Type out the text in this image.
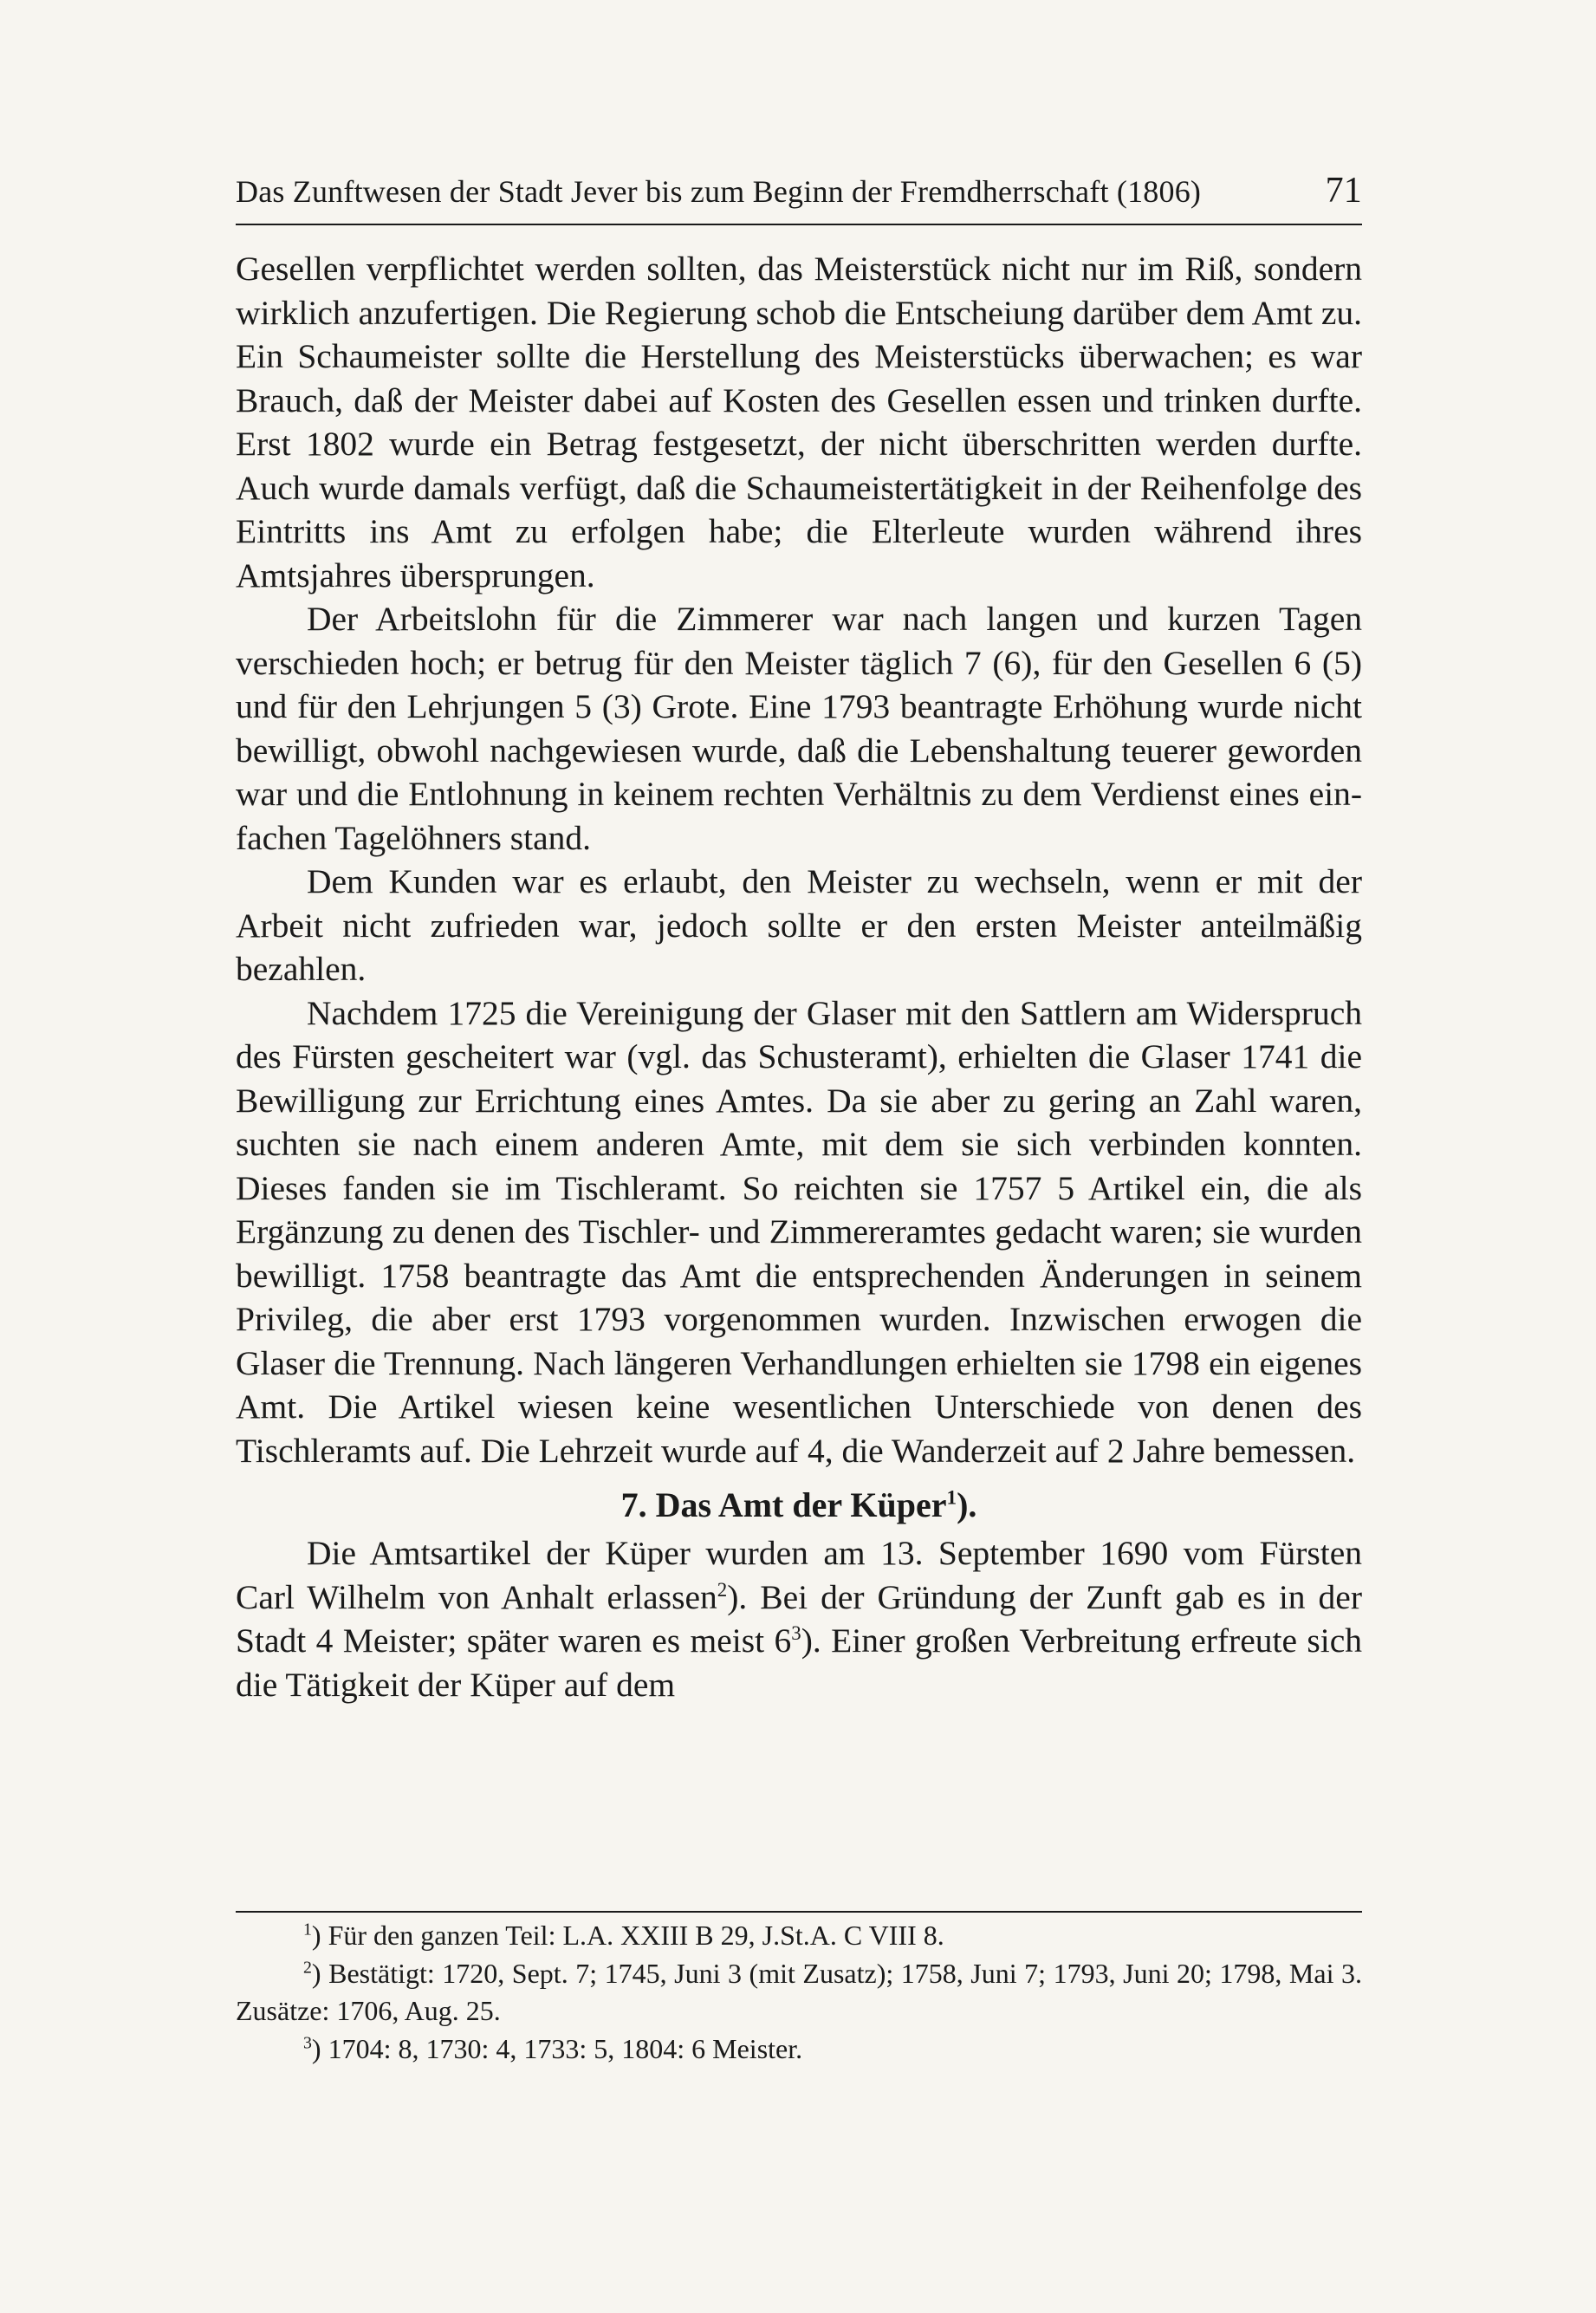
Das Zunftwesen der Stadt Jever bis zum Beginn der Fremdherrschaft (1806)	71

Gesellen verpflichtet werden sollten, das Meisterstück nicht nur im Riß, sondern wirklich anzufertigen. Die Regierung schob die Entscheiung darüber dem Amt zu. Ein Schaumeister sollte die Herstellung des Meisterstücks überwachen; es war Brauch, daß der Meister dabei auf Kosten des Gesellen essen und trinken durfte. Erst 1802 wurde ein Betrag festgesetzt, der nicht überschritten werden durfte. Auch wurde damals verfügt, daß die Schaumeistertätigkeit in der Reihenfolge des Eintritts ins Amt zu erfolgen habe; die Elterleute wurden während ihres Amtsjahres übersprungen.

Der Arbeitslohn für die Zimmerer war nach langen und kurzen Tagen verschieden hoch; er betrug für den Meister täglich 7 (6), für den Gesellen 6 (5) und für den Lehrjungen 5 (3) Grote. Eine 1793 beantragte Erhöhung wurde nicht bewilligt, obwohl nachgewiesen wurde, daß die Lebenshaltung teuerer geworden war und die Entlohnung in keinem rechten Verhältnis zu dem Verdienst eines einfachen Tagelöhners stand.

Dem Kunden war es erlaubt, den Meister zu wechseln, wenn er mit der Arbeit nicht zufrieden war, jedoch sollte er den ersten Meister anteilmäßig bezahlen.

Nachdem 1725 die Vereinigung der Glaser mit den Sattlern am Widerspruch des Fürsten gescheitert war (vgl. das Schusteramt), erhielten die Glaser 1741 die Bewilligung zur Errichtung eines Amtes. Da sie aber zu gering an Zahl waren, suchten sie nach einem anderen Amte, mit dem sie sich verbinden konnten. Dieses fanden sie im Tischleramt. So reichten sie 1757 5 Artikel ein, die als Ergänzung zu denen des Tischler- und Zimmereramtes gedacht waren; sie wurden bewilligt. 1758 beantragte das Amt die entsprechenden Änderungen in seinem Privileg, die aber erst 1793 vorgenommen wurden. Inzwischen erwogen die Glaser die Trennung. Nach längeren Verhandlungen erhielten sie 1798 ein eigenes Amt. Die Artikel wiesen keine wesentlichen Unterschiede von denen des Tischleramts auf. Die Lehrzeit wurde auf 4, die Wanderzeit auf 2 Jahre bemessen.

7. Das Amt der Küper$^1$).

Die Amtsartikel der Küper wurden am 13. September 1690 vom Fürsten Carl Wilhelm von Anhalt erlassen$^2$). Bei der Gründung der Zunft gab es in der Stadt 4 Meister; später waren es meist 6$^3$). Einer großen Verbreitung erfreute sich die Tätigkeit der Küper auf dem

$^1$) Für den ganzen Teil: L.A. XXIII B 29, J.St.A. C VIII 8.
$^2$) Bestätigt: 1720, Sept. 7; 1745, Juni 3 (mit Zusatz); 1758, Juni 7; 1793, Juni 20; 1798, Mai 3. Zusätze: 1706, Aug. 25.
$^3$) 1704: 8, 1730: 4, 1733: 5, 1804: 6 Meister.
